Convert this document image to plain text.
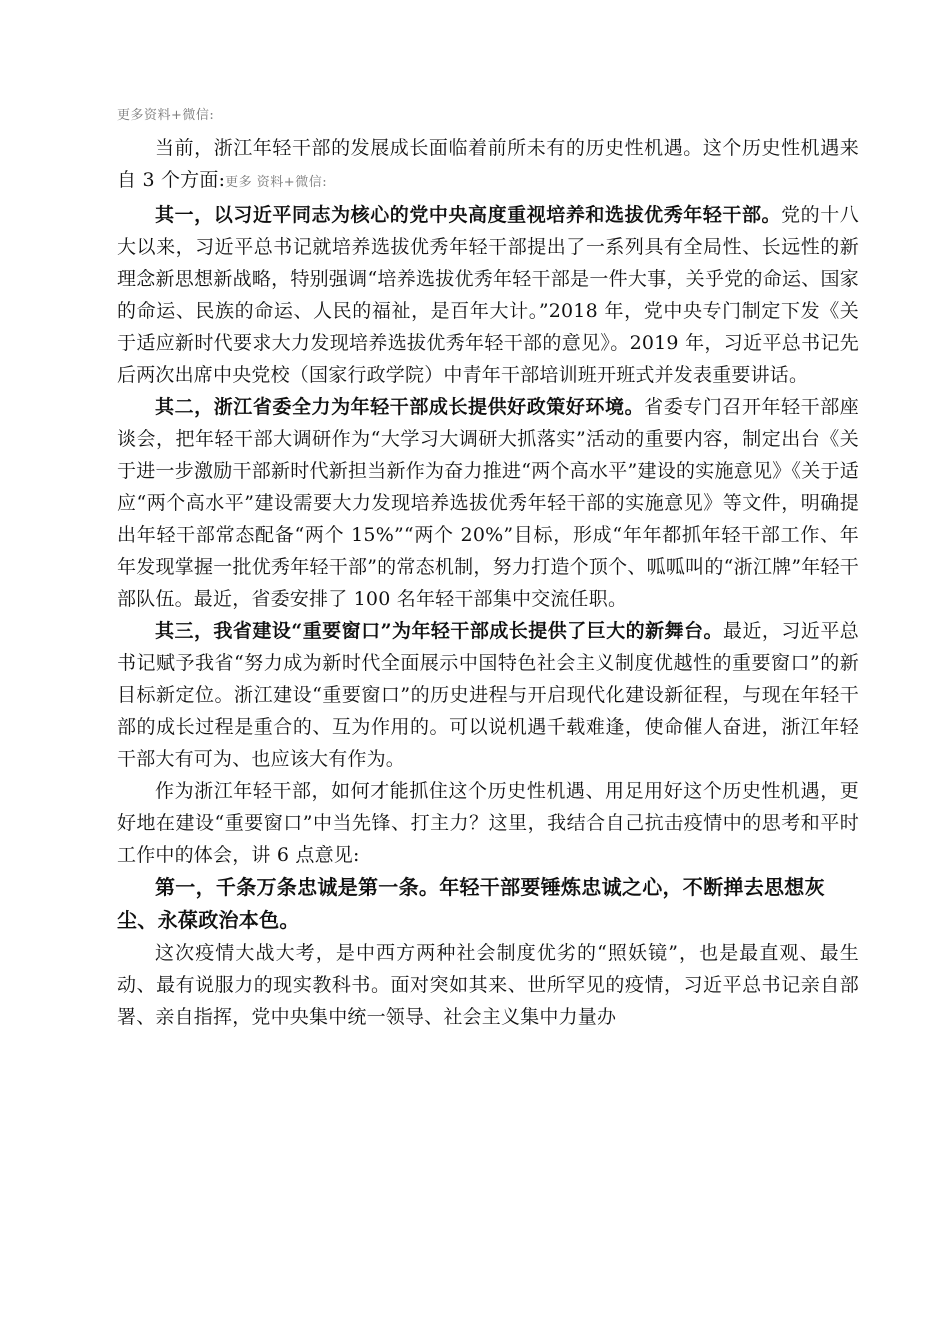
更多资料+微信:

当前，浙江年轻干部的发展成长面临着前所未有的历史性机遇。这个历史性机遇来自 3 个方面:更多 资料+微信:

其一，以习近平同志为核心的党中央高度重视培养和选拔优秀年轻干部。党的十八大以来，习近平总书记就培养选拔优秀年轻干部提出了一系列具有全局性、长远性的新理念新思想新战略，特别强调“培养选拔优秀年轻干部是一件大事，关乎党的命运、国家的命运、民族的命运、人民的福祉，是百年大计。”2018 年，党中央专门制定下发《关于适应新时代要求大力发现培养选拔优秀年轻干部的意见》。2019 年，习近平总书记先后两次出席中央党校（国家行政学院）中青年干部培训班开班式并发表重要讲话。

其二，浙江省委全力为年轻干部成长提供好政策好环境。省委专门召开年轻干部座谈会，把年轻干部大调研作为“大学习大调研大抓落实”活动的重要内容，制定出台《关于进一步激励干部新时代新担当新作为奋力推进“两个高水平”建设的实施意见》《关于适应“两个高水平”建设需要大力发现培养选拔优秀年轻干部的实施意见》等文件，明确提出年轻干部常态配备“两个 15%”“两个 20%”目标，形成“年年都抓年轻干部工作、年年发现掌握一批优秀年轻干部”的常态机制，努力打造个顶个、呱呱叫的“浙江牌”年轻干部队伍。最近，省委安排了 100 名年轻干部集中交流任职。

其三，我省建设“重要窗口”为年轻干部成长提供了巨大的新舞台。最近，习近平总书记赋予我省“努力成为新时代全面展示中国特色社会主义制度优越性的重要窗口”的新目标新定位。浙江建设“重要窗口”的历史进程与开启现代化建设新征程，与现在年轻干部的成长过程是重合的、互为作用的。可以说机遇千载难逢，使命催人奋进，浙江年轻干部大有可为、也应该大有作为。

作为浙江年轻干部，如何才能抓住这个历史性机遇、用足用好这个历史性机遇，更好地在建设“重要窗口”中当先锋、打主力？这里，我结合自己抗击疫情中的思考和平时工作中的体会，讲 6 点意见:

第一，千条万条忠诚是第一条。年轻干部要锤炼忠诚之心，不断掸去思想灰尘、永葆政治本色。

这次疫情大战大考，是中西方两种社会制度优劣的“照妖镜”，也是最直观、最生动、最有说服力的现实教科书。面对突如其来、世所罕见的疫情，习近平总书记亲自部署、亲自指挥，党中央集中统一领导、社会主义集中力量办
